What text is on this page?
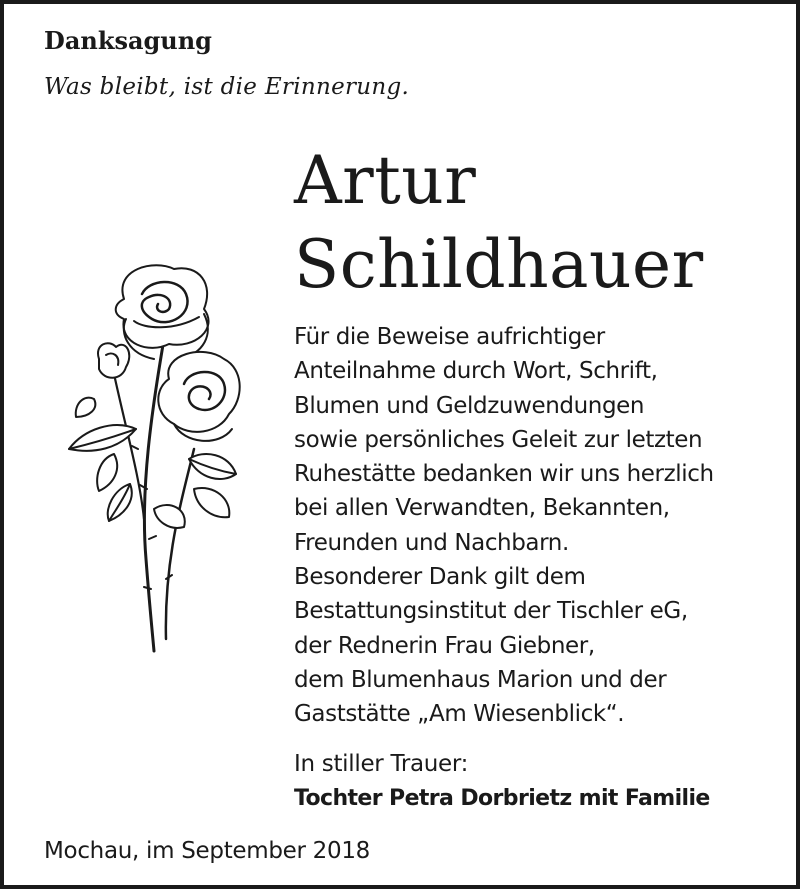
Danksagung
Was bleibt, ist die Erinnerung.
Artur
Schildhauer
Für die Beweise aufrichtiger
Anteilnahme durch Wort, Schrift,
Blumen und Geldzuwendungen
sowie persönliches Geleit zur letzten
Ruhestätte bedanken wir uns herzlich
bei allen Verwandten, Bekannten,
Freunden und Nachbarn.
Besonderer Dank gilt dem
Bestattungsinstitut der Tischler eG,
der Rednerin Frau Giebner,
dem Blumenhaus Marion und der
Gaststätte „Am Wiesenblick“.
In stiller Trauer:
Tochter Petra Dorbrietz mit Familie
Mochau, im September 2018
